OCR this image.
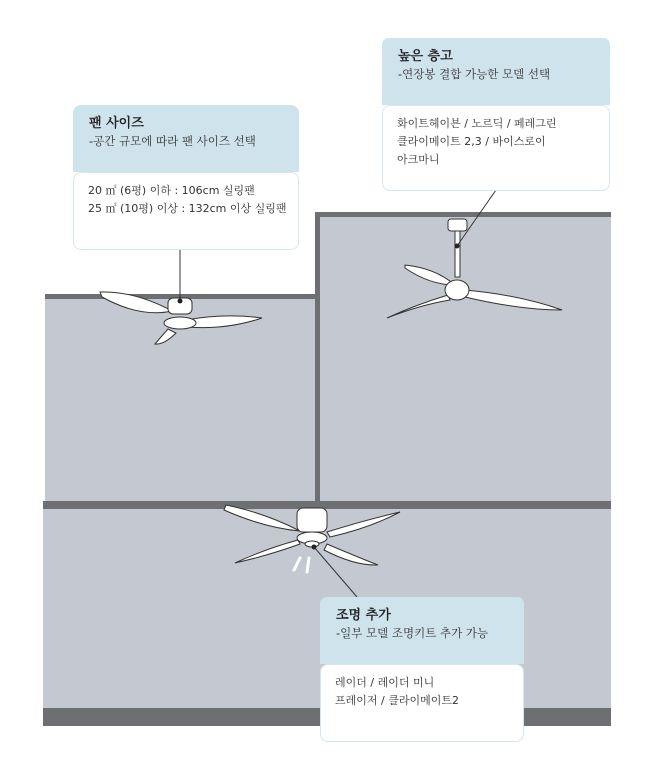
팬 사이즈
-공간 규모에 따라 팬 사이즈 선택
20 ㎡ (6평) 이하 : 106cm 실링팬
25 ㎡ (10평) 이상 : 132cm 이상 실링팬
높은 층고
-연장봉 결합 가능한 모델 선택
화이트헤이븐 / 노르딕 / 페레그린
클라이메이트 2,3 / 바이스로이
아크마니
조명 추가
-일부 모델 조명키트 추가 가능
레이더 / 레이더 미니
프레이저 / 클라이메이트2
